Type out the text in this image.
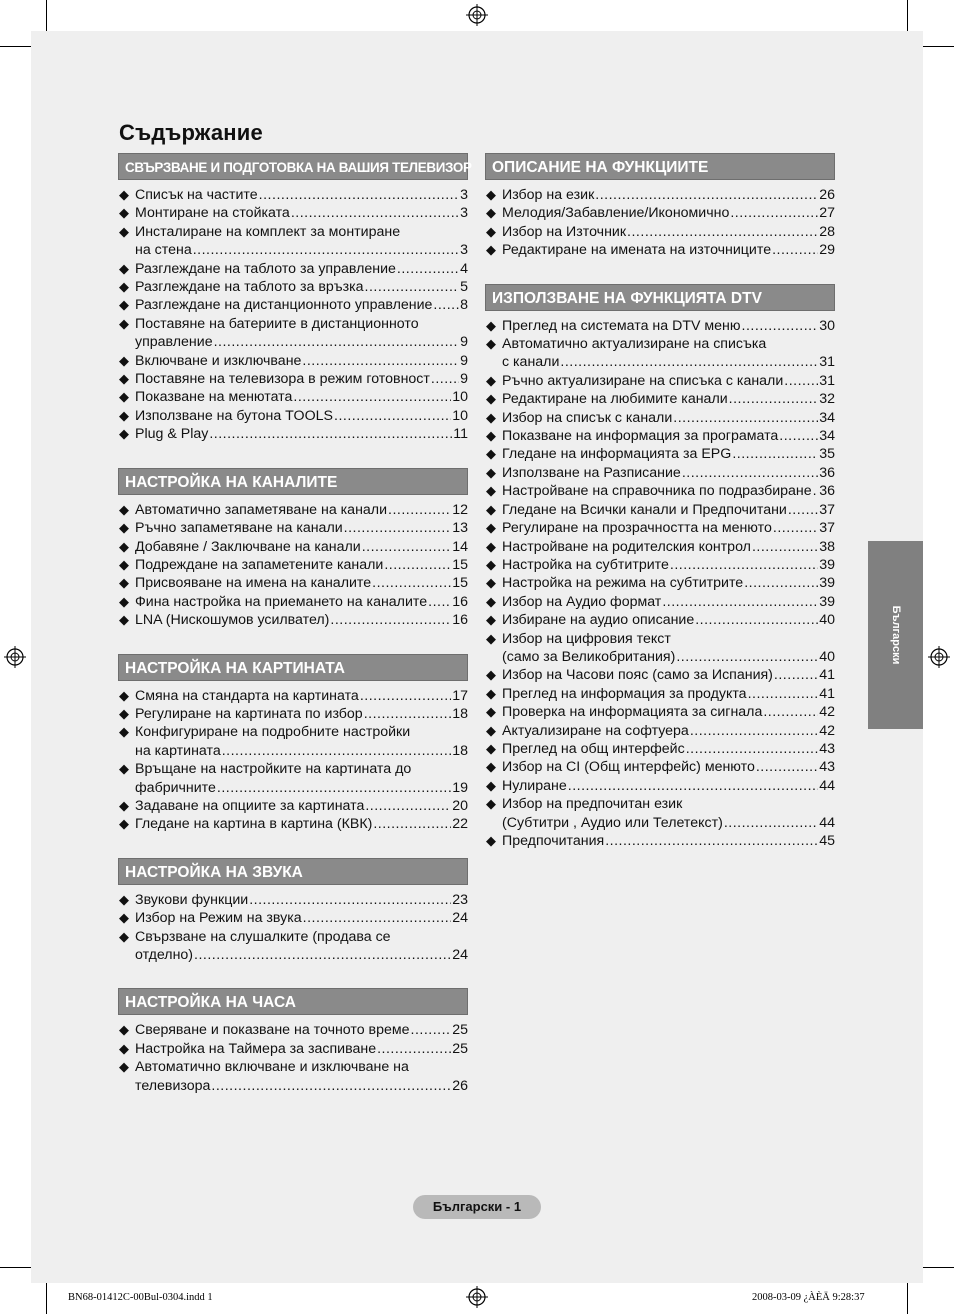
Съдържание
СВЪРЗВАНЕ И ПОДГОТОВКА НА ВАШИЯ ТЕЛЕВИЗОР
◆ Списък на частите .....	3
◆ Монтиране на стойката .....	3
◆ Инсталиране на комплект за монтиране
на стена .....	3
◆ Разглеждане на таблото за управление .....	4
◆ Разглеждане на таблото за връзка .....	5
◆ Разглеждане на дистанционното управление ..... 8
◆ Поставяне на батериите в дистанционното
управление .....	9
◆ Включване и изключване .....	9
◆ Поставяне на телевизора в режим готовност ..... 9
◆ Показване на менютата .....	10
◆ Използване на бутона TOOLS .....	10
◆ Plug & Play .....	11
НАСТРОЙКА НА КАНАЛИТЕ
◆ Автоматично запаметяване на канали .....	12
◆ Ръчно запаметяване на канали .....	13
◆ Добавяне / Заключване на канали .....	14
◆ Подреждане на запаметените канали .....	15
◆ Присвояване на имена на каналите .....	15
◆ Фина настройка на приемането на каналите ..... 16
◆ LNA (Нискошумов усилвател) .....	16
НАСТРОЙКА НА КАРТИНАТА
◆ Смяна на стандарта на картината .....	17
◆ Регулиране на картината по избор .....	18
◆ Конфигуриране на подробните настройки
на картината .....	18
◆ Връщане на настройките на картината до
фабричните .....	19
◆ Задаване на опциите за картината .....	20
◆ Гледане на картина в картина (КВК) .....	22
НАСТРОЙКА НА ЗВУКА
◆ Звукови функции .....	23
◆ Избор на Режим на звука .....	24
◆ Свързване на слушалките (продава се
отделно) .....	24
НАСТРОЙКА НА ЧАСА
◆ Сверяване и показване на точното време .....	25
◆ Настройка на Таймера за заспиване .....	25
◆ Автоматично включване и изключване на
телевизора .....	26
ОПИСАНИЕ НА ФУНКЦИИТЕ
◆ Избор на език .....	26
◆ Мелодия/Забавление/Икономично .....	27
◆ Избор на Източник .....	28
◆ Редактиране на имената на източниците .....	29
ИЗПОЛЗВАНЕ НА ФУНКЦИЯТА DTV
◆ Преглед на системата на DTV меню .....	30
◆ Автоматично актуализиране на списъка
с канали .....	31
◆ Ръчно актуализиране на списъка с канали .....	31
◆ Редактиране на любимите канали .....	32
◆ Избор на списък с канали .....	34
◆ Показване на информация за програмата .....	34
◆ Гледане на информацията за EPG .....	35
◆ Използване на Разписание .....	36
◆ Настройване на справочника по подразбиране ..... 36
◆ Гледане на Всички канали и Предпочитани ..... 37
◆ Регулиране на прозрачността на менюто .....	37
◆ Настройване на родителския контрол .....	38
◆ Настройка на субтитрите .....	39
◆ Настройка на режима на субтитрите .....	39
◆ Избор на Аудио формат .....	39
◆ Избиране на аудио описание .....	40
◆ Избор на цифровия текст
(само за Великобритания) .....	40
◆ Избор на Часови пояс (само за Испания) .....	41
◆ Преглед на информация за продукта .....	41
◆ Проверка на информацията за сигнала .....	42
◆ Актуализиране на софтуера .....	42
◆ Преглед на общ интерфейс .....	43
◆ Избор на CI (Общ интерфейс) менюто .....	43
◆ Нулиране .....	44
◆ Избор на предпочитан език
(Субтитри , Аудио или Телетекст) .....	44
◆ Предпочитания .....	45
Български
Български - 1
BN68-01412C-00Bul-0304.indd 1	2008-03-09 ¿ÀÈÄ 9:28:37
